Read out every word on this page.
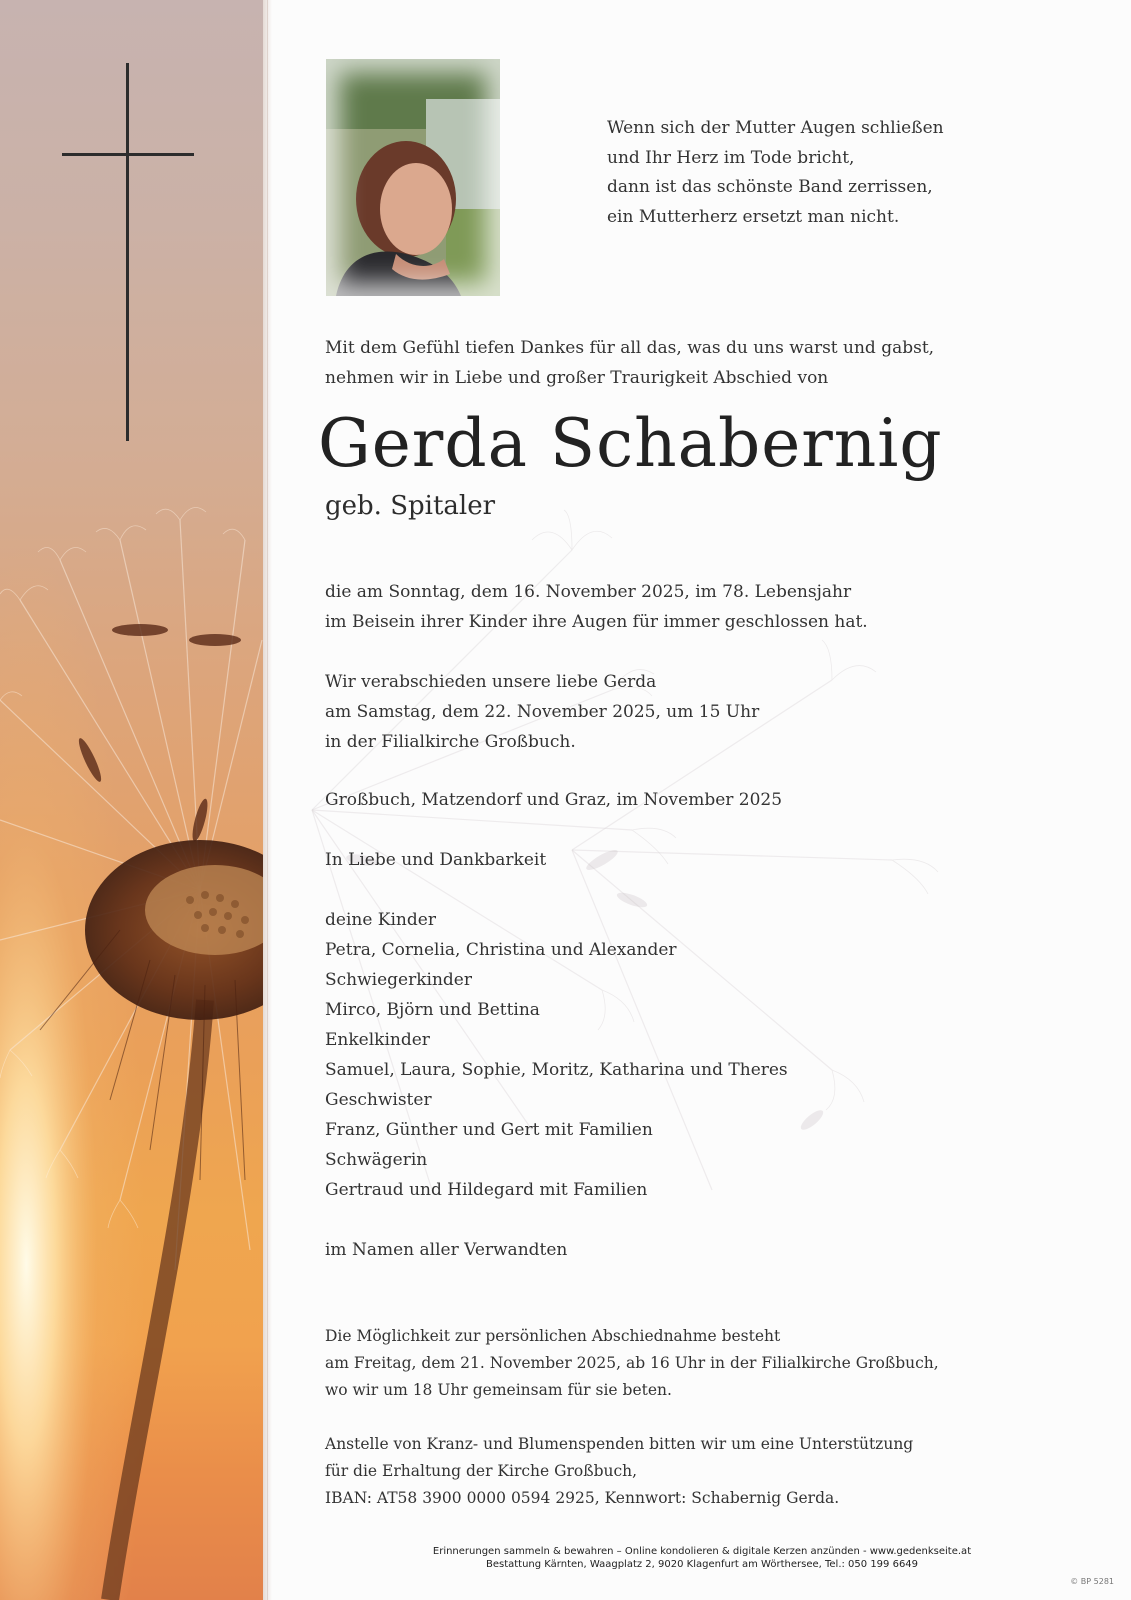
Wenn sich der Mutter Augen schließen
und Ihr Herz im Tode bricht,
dann ist das schönste Band zerrissen,
ein Mutterherz ersetzt man nicht.
Mit dem Gefühl tiefen Dankes für all das, was du uns warst und gabst,
nehmen wir in Liebe und großer Traurigkeit Abschied von
Gerda Schabernig
geb. Spitaler
die am Sonntag, dem 16. November 2025, im 78. Lebensjahr
im Beisein ihrer Kinder ihre Augen für immer geschlossen hat.
Wir verabschieden unsere liebe Gerda
am Samstag, dem 22. November 2025, um 15 Uhr
in der Filialkirche Großbuch.
Großbuch, Matzendorf und Graz, im November 2025
In Liebe und Dankbarkeit
deine Kinder
Petra, Cornelia, Christina und Alexander
Schwiegerkinder
Mirco, Björn und Bettina
Enkelkinder
Samuel, Laura, Sophie, Moritz, Katharina und Theres
Geschwister
Franz, Günther und Gert mit Familien
Schwägerin
Gertraud und Hildegard mit Familien
im Namen aller Verwandten
Die Möglichkeit zur persönlichen Abschiednahme besteht
am Freitag, dem 21. November 2025, ab 16 Uhr in der Filialkirche Großbuch,
wo wir um 18 Uhr gemeinsam für sie beten.
Anstelle von Kranz- und Blumenspenden bitten wir um eine Unterstützung
für die Erhaltung der Kirche Großbuch,
IBAN: AT58 3900 0000 0594 2925, Kennwort: Schabernig Gerda.
Erinnerungen sammeln & bewahren – Online kondolieren & digitale Kerzen anzünden - www.gedenkseite.at
Bestattung Kärnten, Waagplatz 2, 9020 Klagenfurt am Wörthersee, Tel.: 050 199 6649
© BP 5281
